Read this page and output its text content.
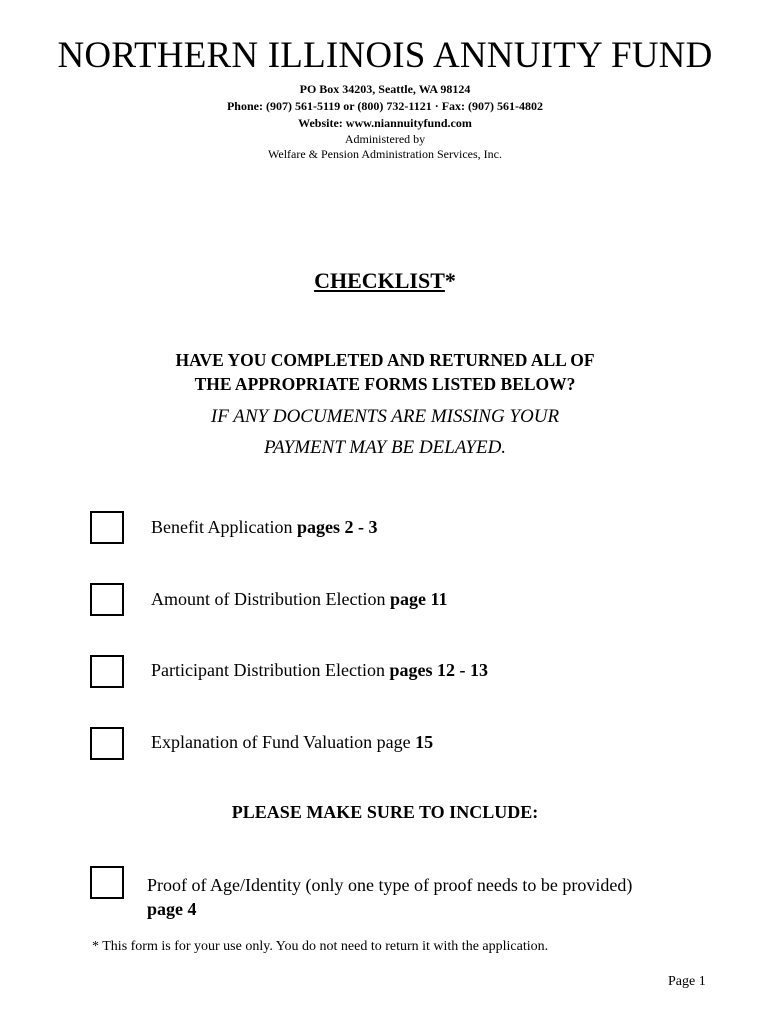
NORTHERN ILLINOIS ANNUITY FUND
PO Box 34203, Seattle, WA 98124
Phone: (907) 561-5119 or (800) 732-1121 · Fax: (907) 561-4802
Website: www.niannuityfund.com
Administered by
Welfare & Pension Administration Services, Inc.
CHECKLIST*
HAVE YOU COMPLETED AND RETURNED ALL OF
THE APPROPRIATE FORMS LISTED BELOW?
IF ANY DOCUMENTS ARE MISSING YOUR
PAYMENT MAY BE DELAYED.
Benefit Application pages 2 - 3
Amount of Distribution Election page 11
Participant Distribution Election pages 12 - 13
Explanation of Fund Valuation page 15
PLEASE MAKE SURE TO INCLUDE:
Proof of Age/Identity (only one type of proof needs to be provided)
page 4
* This form is for your use only. You do not need to return it with the application.
Page 1
